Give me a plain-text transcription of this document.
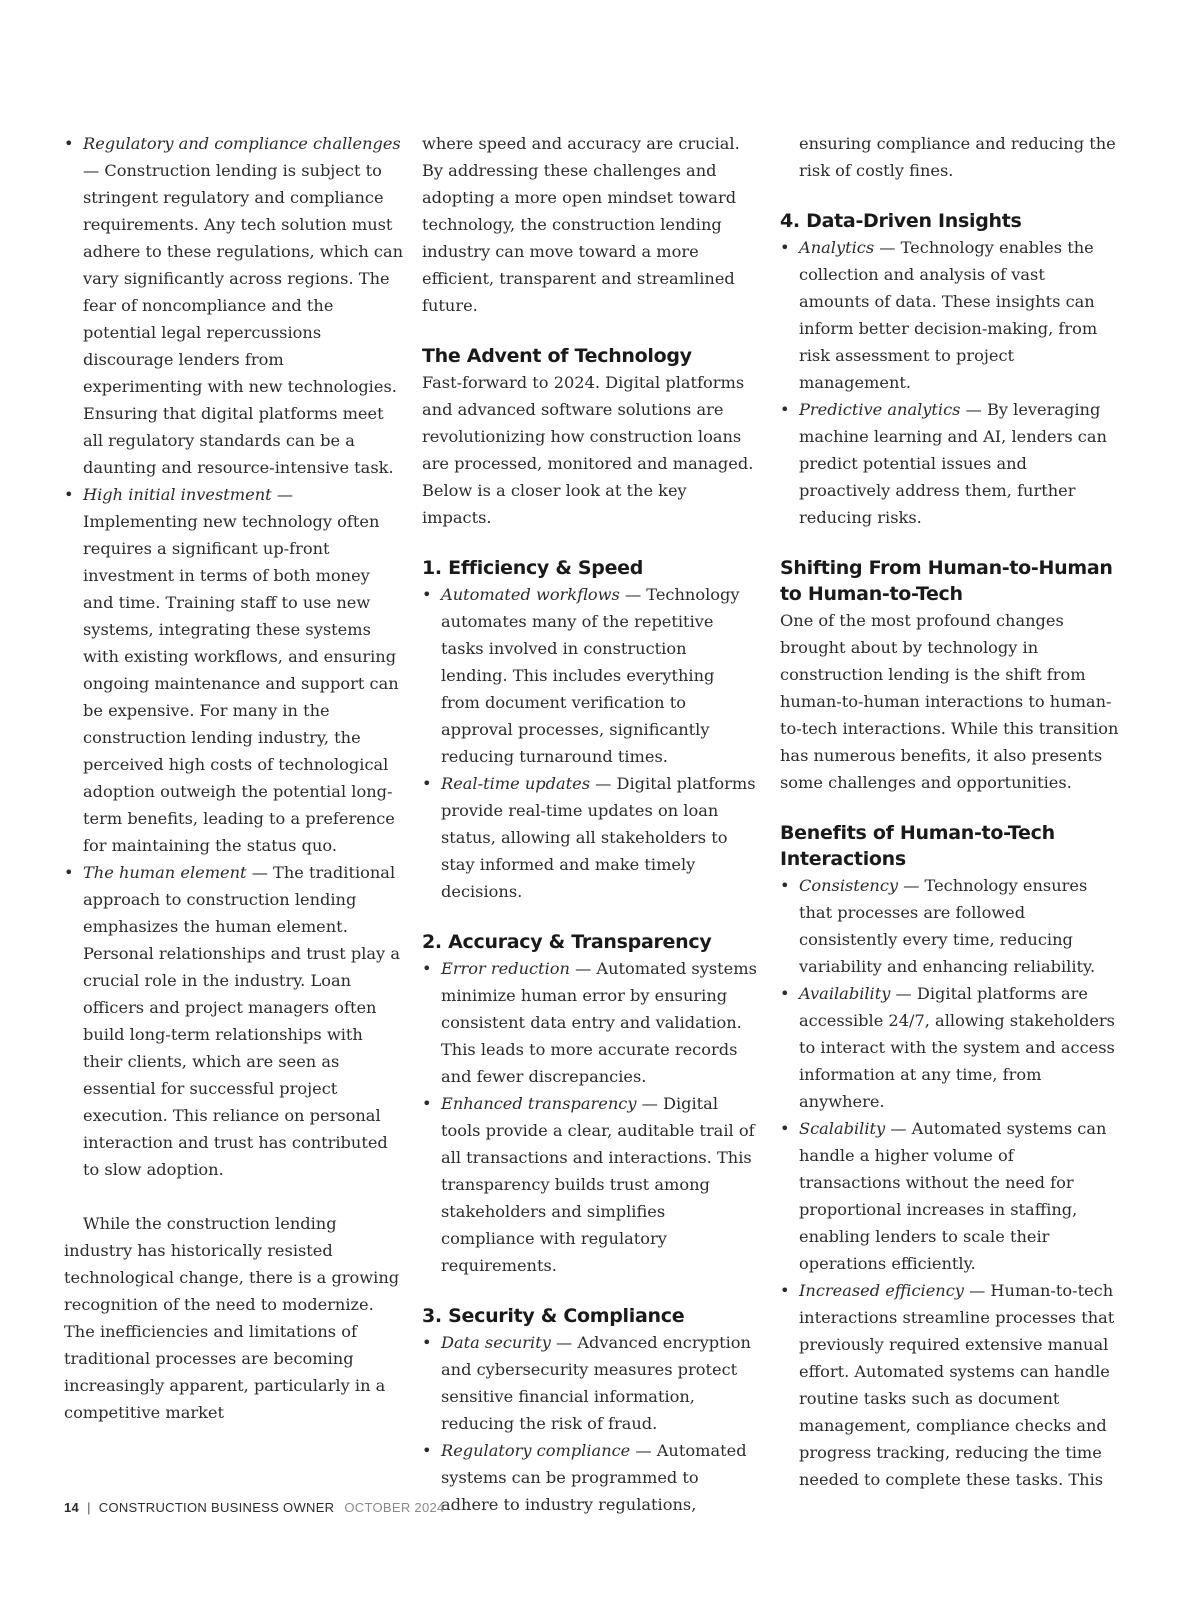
• Regulatory and compliance challenges — Construction lending is subject to stringent regulatory and compliance requirements. Any tech solution must adhere to these regulations, which can vary significantly across regions. The fear of noncompliance and the potential legal repercussions discourage lenders from experimenting with new technologies. Ensuring that digital platforms meet all regulatory standards can be a daunting and resource-intensive task.
• High initial investment — Implementing new technology often requires a significant up-front investment in terms of both money and time. Training staff to use new systems, integrating these systems with existing workflows, and ensuring ongoing maintenance and support can be expensive. For many in the construction lending industry, the perceived high costs of technological adoption outweigh the potential long-term benefits, leading to a preference for maintaining the status quo.
• The human element — The traditional approach to construction lending emphasizes the human element. Personal relationships and trust play a crucial role in the industry. Loan officers and project managers often build long-term relationships with their clients, which are seen as essential for successful project execution. This reliance on personal interaction and trust has contributed to slow adoption.

While the construction lending industry has historically resisted technological change, there is a growing recognition of the need to modernize. The inefficiencies and limitations of traditional processes are becoming increasingly apparent, particularly in a competitive market

where speed and accuracy are crucial. By addressing these challenges and adopting a more open mindset toward technology, the construction lending industry can move toward a more efficient, transparent and streamlined future.

The Advent of Technology

Fast-forward to 2024. Digital platforms and advanced software solutions are revolutionizing how construction loans are processed, monitored and managed. Below is a closer look at the key impacts.

1. Efficiency & Speed
• Automated workflows — Technology automates many of the repetitive tasks involved in construction lending. This includes everything from document verification to approval processes, significantly reducing turnaround times.
• Real-time updates — Digital platforms provide real-time updates on loan status, allowing all stakeholders to stay informed and make timely decisions.
2. Accuracy & Transparency
• Error reduction — Automated systems minimize human error by ensuring consistent data entry and validation. This leads to more accurate records and fewer discrepancies.
• Enhanced transparency — Digital tools provide a clear, auditable trail of all transactions and interactions. This transparency builds trust among stakeholders and simplifies compliance with regulatory requirements.
3. Security & Compliance
• Data security — Advanced encryption and cybersecurity measures protect sensitive financial information, reducing the risk of fraud.
• Regulatory compliance — Automated systems can be programmed to adhere to industry regulations,

ensuring compliance and reducing the risk of costly fines.

4. Data-Driven Insights
• Analytics — Technology enables the collection and analysis of vast amounts of data. These insights can inform better decision-making, from risk assessment to project management.
• Predictive analytics — By leveraging machine learning and AI, lenders can predict potential issues and proactively address them, further reducing risks.
Shifting From Human-to-Human to Human-to-Tech

One of the most profound changes brought about by technology in construction lending is the shift from human-to-human interactions to human-to-tech interactions. While this transition has numerous benefits, it also presents some challenges and opportunities.

Benefits of Human-to-Tech Interactions
• Consistency — Technology ensures that processes are followed consistently every time, reducing variability and enhancing reliability.
• Availability — Digital platforms are accessible 24/7, allowing stakeholders to interact with the system and access information at any time, from anywhere.
• Scalability — Automated systems can handle a higher volume of transactions without the need for proportional increases in staffing, enabling lenders to scale their operations efficiently.
• Increased efficiency — Human-to-tech interactions streamline processes that previously required extensive manual effort. Automated systems can handle routine tasks such as document management, compliance checks and progress tracking, reducing the time needed to complete these tasks. This
14 | CONSTRUCTION BUSINESS OWNER OCTOBER 2024
